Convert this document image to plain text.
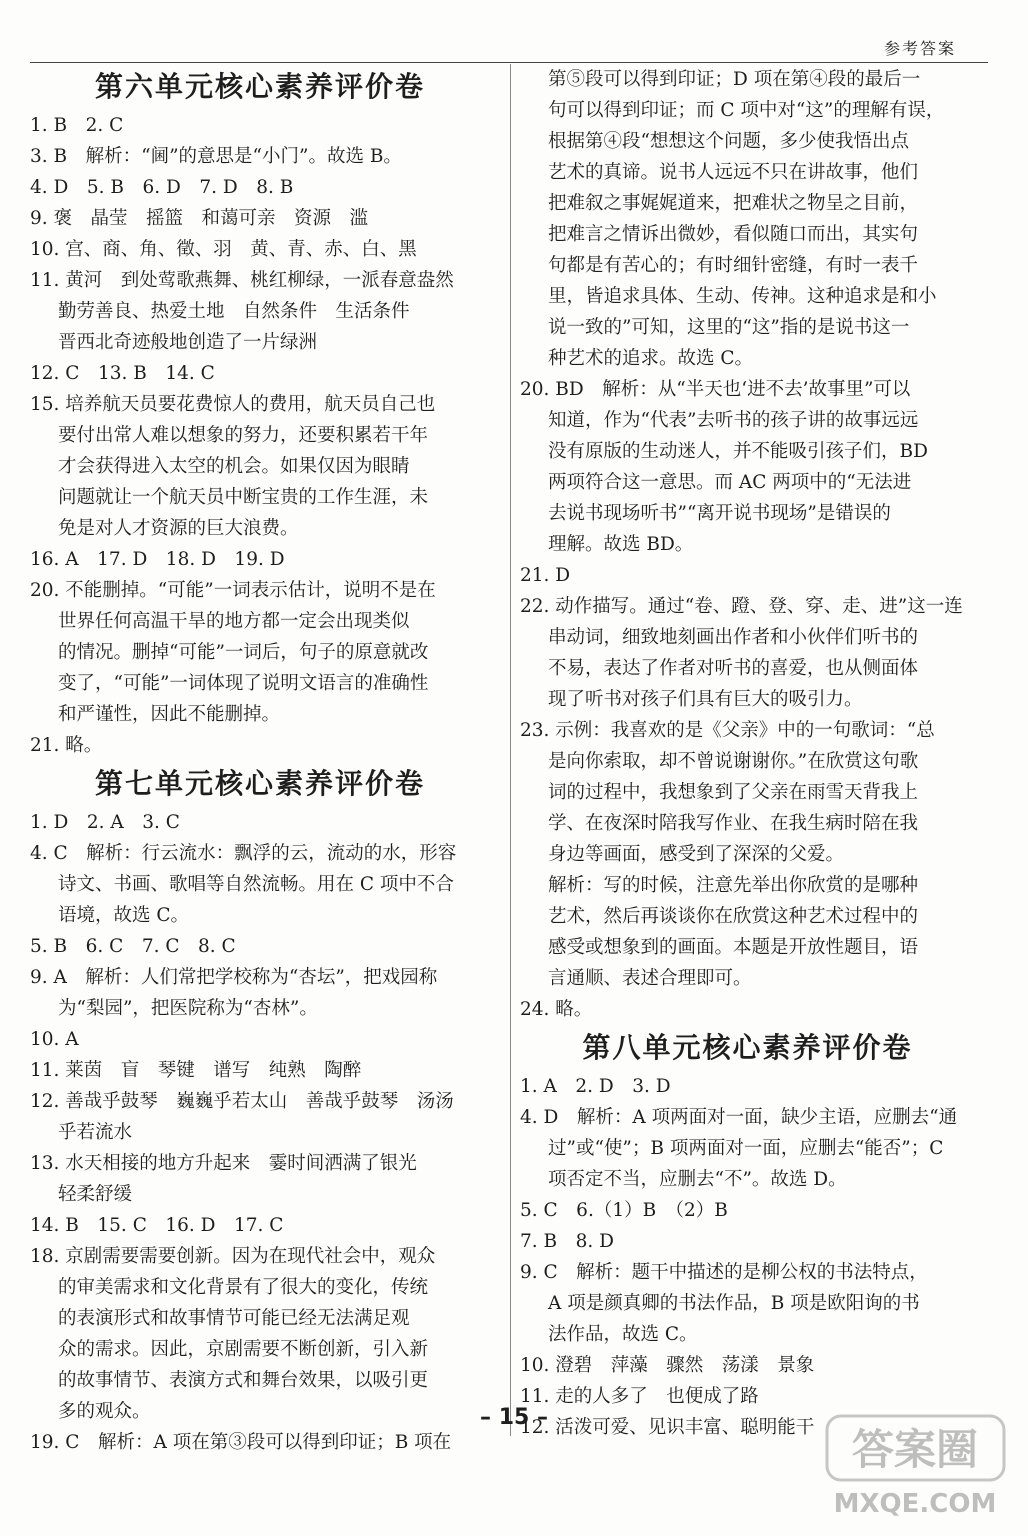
参考答案
第六单元核心素养评价卷
1. B　2. C
3. B　解析：“阃”的意思是“小门”。故选 B。
4. D　5. B　6. D　7. D　8. B
9. 褒　晶莹　摇篮　和蔼可亲　资源　滥
10. 宫、商、角、徵、羽　黄、青、赤、白、黑
11. 黄河　到处莺歌燕舞、桃红柳绿，一派春意盎然
勤劳善良、热爱土地　自然条件　生活条件
晋西北奇迹般地创造了一片绿洲
12. C　13. B　14. C
15. 培养航天员要花费惊人的费用，航天员自己也
要付出常人难以想象的努力，还要积累若干年
才会获得进入太空的机会。如果仅因为眼睛
问题就让一个航天员中断宝贵的工作生涯，未
免是对人才资源的巨大浪费。
16. A　17. D　18. D　19. D
20. 不能删掉。“可能”一词表示估计，说明不是在
世界任何高温干旱的地方都一定会出现类似
的情况。删掉“可能”一词后，句子的原意就改
变了，“可能”一词体现了说明文语言的准确性
和严谨性，因此不能删掉。
21. 略。
第七单元核心素养评价卷
1. D　2. A　3. C
4. C　解析：行云流水：飘浮的云，流动的水，形容
诗文、书画、歌唱等自然流畅。用在 C 项中不合
语境，故选 C。
5. B　6. C　7. C　8. C
9. A　解析：人们常把学校称为“杏坛”，把戏园称
为“梨园”，把医院称为“杏林”。
10. A
11. 莱茵　盲　琴键　谱写　纯熟　陶醉
12. 善哉乎鼓琴　巍巍乎若太山　善哉乎鼓琴　汤汤
乎若流水
13. 水天相接的地方升起来　霎时间洒满了银光
轻柔舒缓
14. B　15. C　16. D　17. C
18. 京剧需要需要创新。因为在现代社会中，观众
的审美需求和文化背景有了很大的变化，传统
的表演形式和故事情节可能已经无法满足观
众的需求。因此，京剧需要不断创新，引入新
的故事情节、表演方式和舞台效果，以吸引更
多的观众。
19. C　解析：A 项在第③段可以得到印证；B 项在
第⑤段可以得到印证；D 项在第④段的最后一
句可以得到印证；而 C 项中对“这”的理解有误，
根据第④段“想想这个问题，多少使我悟出点
艺术的真谛。说书人远远不只在讲故事，他们
把难叙之事娓娓道来，把难状之物呈之目前，
把难言之情诉出微妙，看似随口而出，其实句
句都是有苦心的；有时细针密缝，有时一表千
里，皆追求具体、生动、传神。这种追求是和小
说一致的”可知，这里的“这”指的是说书这一
种艺术的追求。故选 C。
20. BD　解析：从“半天也‘进不去’故事里”可以
知道，作为“代表”去听书的孩子讲的故事远远
没有原版的生动迷人，并不能吸引孩子们，BD
两项符合这一意思。而 AC 两项中的“无法进
去说书现场听书”“离开说书现场”是错误的
理解。故选 BD。
21. D
22. 动作描写。通过“卷、蹬、登、穿、走、进”这一连
串动词，细致地刻画出作者和小伙伴们听书的
不易，表达了作者对听书的喜爱，也从侧面体
现了听书对孩子们具有巨大的吸引力。
23. 示例：我喜欢的是《父亲》中的一句歌词：“总
是向你索取，却不曾说谢谢你。”在欣赏这句歌
词的过程中，我想象到了父亲在雨雪天背我上
学、在夜深时陪我写作业、在我生病时陪在我
身边等画面，感受到了深深的父爱。
解析：写的时候，注意先举出你欣赏的是哪种
艺术，然后再谈谈你在欣赏这种艺术过程中的
感受或想象到的画面。本题是开放性题目，语
言通顺、表述合理即可。
24. 略。
第八单元核心素养评价卷
1. A　2. D　3. D
4. D　解析：A 项两面对一面，缺少主语，应删去“通
过”或“使”；B 项两面对一面，应删去“能否”；C
项否定不当，应删去“不”。故选 D。
5. C　6.（1）B　（2）B
7. B　8. D
9. C　解析：题干中描述的是柳公权的书法特点，
A 项是颜真卿的书法作品，B 项是欧阳询的书
法作品，故选 C。
10. 澄碧　萍藻　骤然　荡漾　景象
11. 走的人多了　也便成了路
12. 活泼可爱、见识丰富、聪明能干
– 15 –
答案圈
MXQE.COM
